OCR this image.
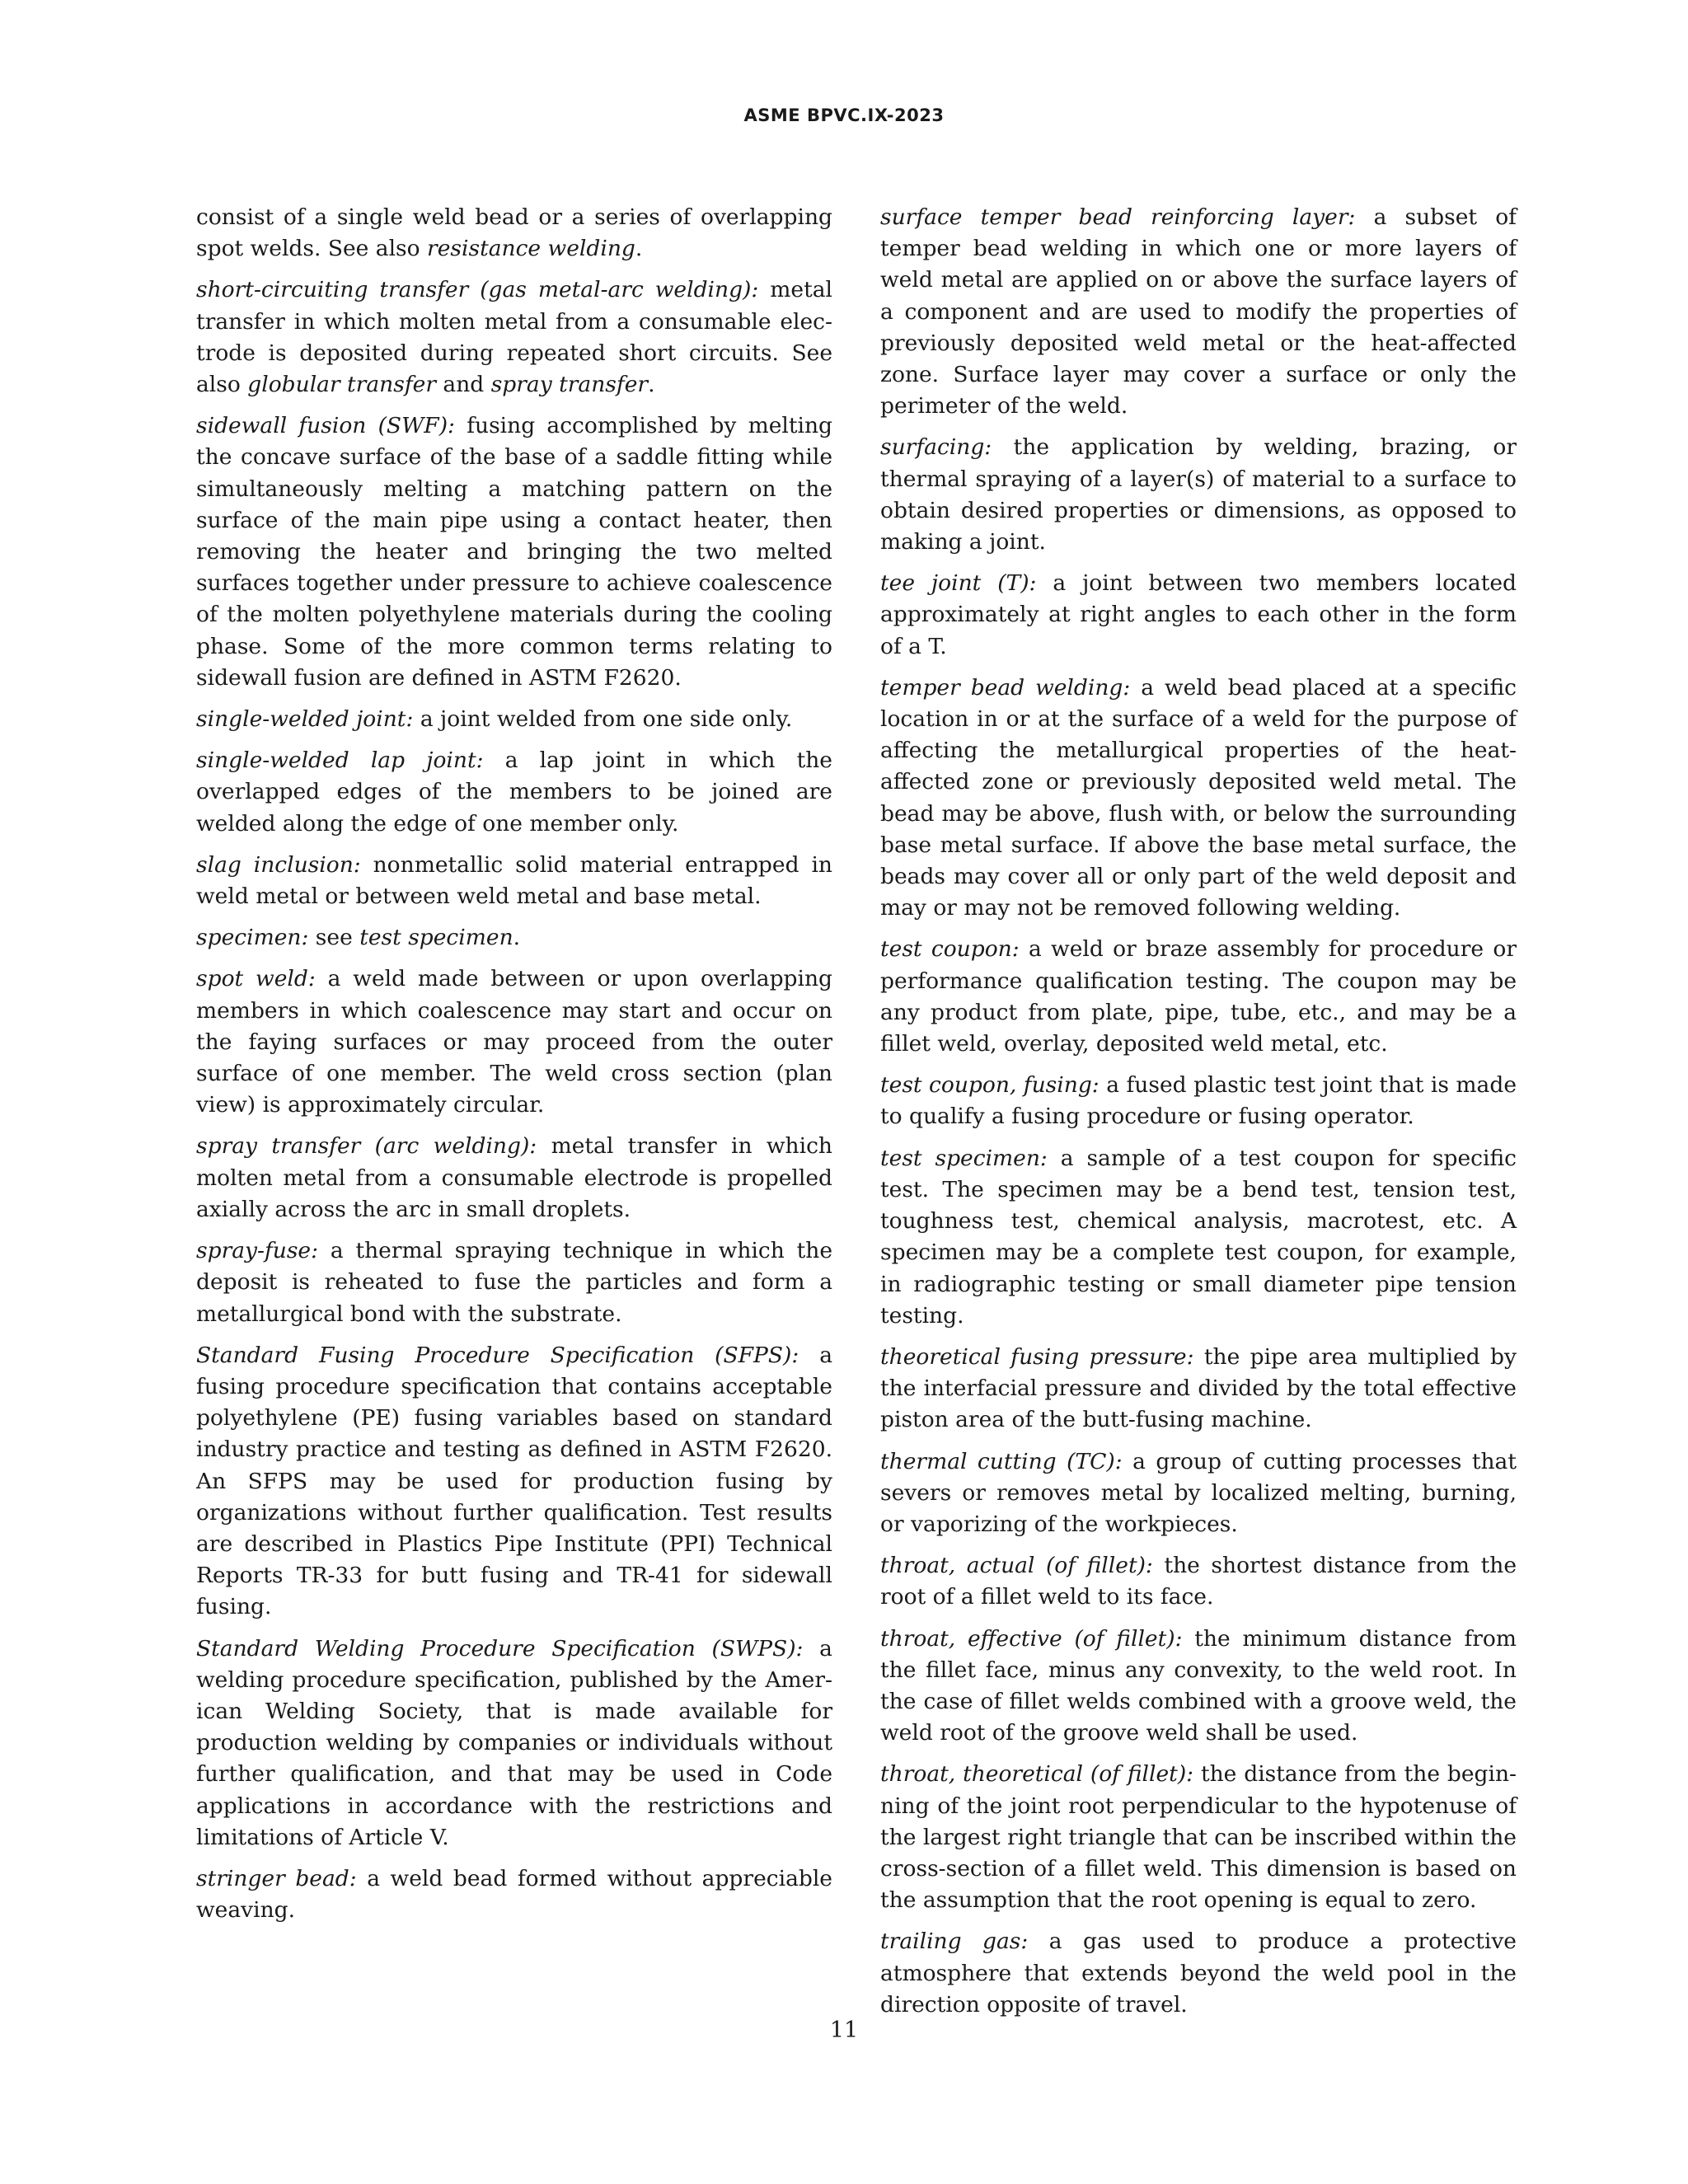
ASME BPVC.IX-2023

consist of a single weld bead or a series of overlapping spot welds. See also resistance welding.

short-circuiting transfer (gas metal-arc welding): metal transfer in which molten metal from a consumable electrode is deposited during repeated short circuits. See also globular transfer and spray transfer.

sidewall fusion (SWF): fusing accomplished by melting the concave surface of the base of a saddle fitting while simultaneously melting a matching pattern on the surface of the main pipe using a contact heater, then removing the heater and bringing the two melted surfaces together under pressure to achieve coalescence of the molten polyethylene materials during the cooling phase. Some of the more common terms relating to sidewall fusion are defined in ASTM F2620.

single-welded joint: a joint welded from one side only.

single-welded lap joint: a lap joint in which the overlapped edges of the members to be joined are welded along the edge of one member only.

slag inclusion: nonmetallic solid material entrapped in weld metal or between weld metal and base metal.

specimen: see test specimen.

spot weld: a weld made between or upon overlapping members in which coalescence may start and occur on the faying surfaces or may proceed from the outer surface of one member. The weld cross section (plan view) is approximately circular.

spray transfer (arc welding): metal transfer in which molten metal from a consumable electrode is propelled axially across the arc in small droplets.

spray-fuse: a thermal spraying technique in which the deposit is reheated to fuse the particles and form a metallurgical bond with the substrate.

Standard Fusing Procedure Specification (SFPS): a fusing procedure specification that contains acceptable polyethylene (PE) fusing variables based on standard industry practice and testing as defined in ASTM F2620. An SFPS may be used for production fusing by organizations without further qualification. Test results are described in Plastics Pipe Institute (PPI) Technical Reports TR-33 for butt fusing and TR-41 for sidewall fusing.

Standard Welding Procedure Specification (SWPS): a welding procedure specification, published by the American Welding Society, that is made available for production welding by companies or individuals without further qualification, and that may be used in Code applications in accordance with the restrictions and limitations of Article V.

stringer bead: a weld bead formed without appreciable weaving.

surface temper bead reinforcing layer: a subset of temper bead welding in which one or more layers of weld metal are applied on or above the surface layers of a component and are used to modify the properties of previously deposited weld metal or the heat-affected zone. Surface layer may cover a surface or only the perimeter of the weld.

surfacing: the application by welding, brazing, or thermal spraying of a layer(s) of material to a surface to obtain desired properties or dimensions, as opposed to making a joint.

tee joint (T): a joint between two members located approximately at right angles to each other in the form of a T.

temper bead welding: a weld bead placed at a specific location in or at the surface of a weld for the purpose of affecting the metallurgical properties of the heat-affected zone or previously deposited weld metal. The bead may be above, flush with, or below the surrounding base metal surface. If above the base metal surface, the beads may cover all or only part of the weld deposit and may or may not be removed following welding.

test coupon: a weld or braze assembly for procedure or performance qualification testing. The coupon may be any product from plate, pipe, tube, etc., and may be a fillet weld, overlay, deposited weld metal, etc.

test coupon, fusing: a fused plastic test joint that is made to qualify a fusing procedure or fusing operator.

test specimen: a sample of a test coupon for specific test. The specimen may be a bend test, tension test, toughness test, chemical analysis, macrotest, etc. A specimen may be a complete test coupon, for example, in radiographic testing or small diameter pipe tension testing.

theoretical fusing pressure: the pipe area multiplied by the interfacial pressure and divided by the total effective piston area of the butt-fusing machine.

thermal cutting (TC): a group of cutting processes that severs or removes metal by localized melting, burning, or vaporizing of the workpieces.

throat, actual (of fillet): the shortest distance from the root of a fillet weld to its face.

throat, effective (of fillet): the minimum distance from the fillet face, minus any convexity, to the weld root. In the case of fillet welds combined with a groove weld, the weld root of the groove weld shall be used.

throat, theoretical (of fillet): the distance from the beginning of the joint root perpendicular to the hypotenuse of the largest right triangle that can be inscribed within the cross-section of a fillet weld. This dimension is based on the assumption that the root opening is equal to zero.

trailing gas: a gas used to produce a protective atmosphere that extends beyond the weld pool in the direction opposite of travel.

11
